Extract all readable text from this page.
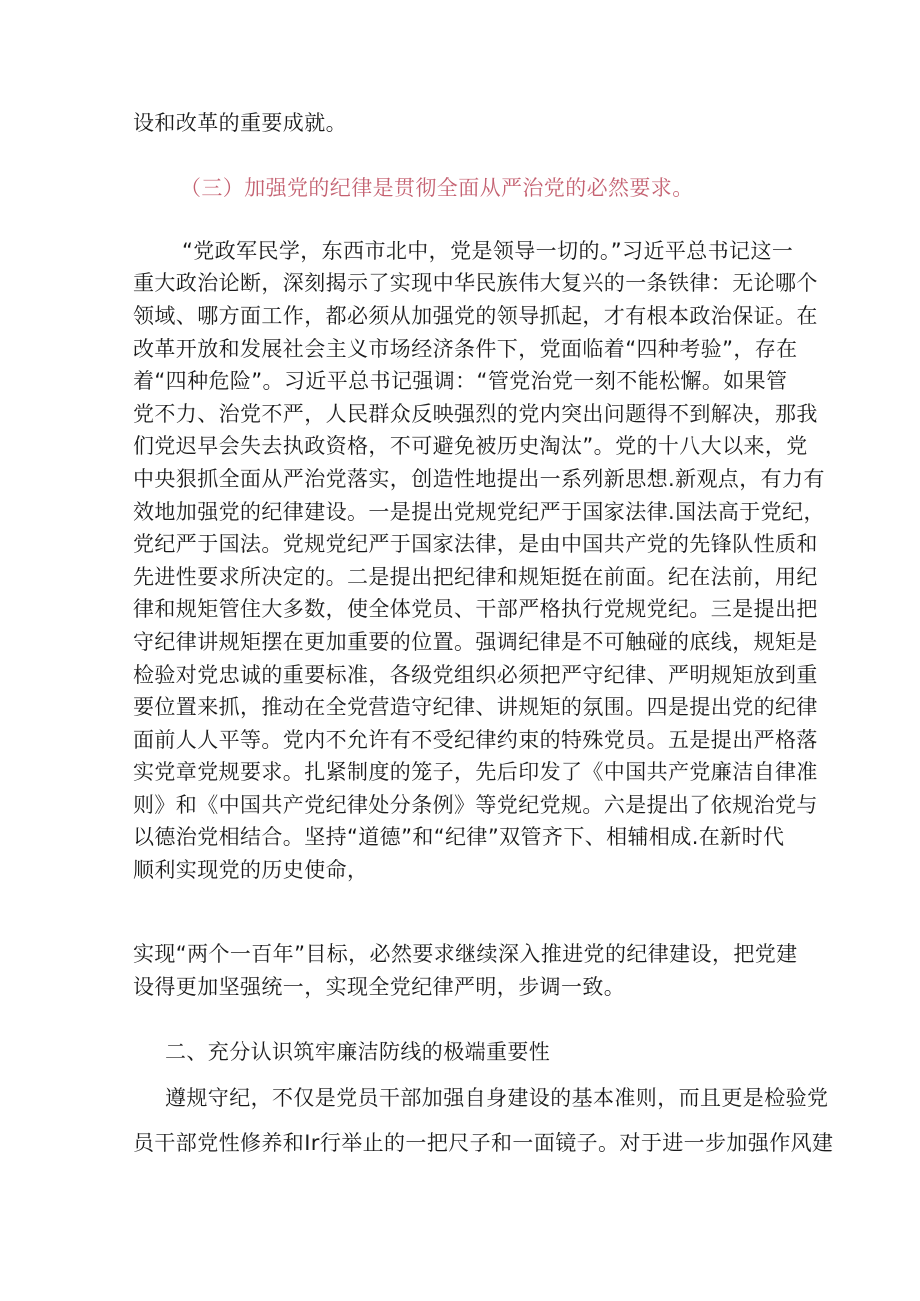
设和改革的重要成就。
（三）加强党的纪律是贯彻全面从严治党的必然要求。
“党政军民学，东西市北中，党是领导一切的。”习近平总书记这一
重大政治论断，深刻揭示了实现中华民族伟大复兴的一条铁律：无论哪个
领域、哪方面工作，都必须从加强党的领导抓起，才有根本政治保证。在
改革开放和发展社会主义市场经济条件下，党面临着“四种考验”，存在
着“四种危险”。习近平总书记强调：“管党治党一刻不能松懈。如果管
党不力、治党不严，人民群众反映强烈的党内突出问题得不到解决，那我
们党迟早会失去执政资格，不可避免被历史淘汰”。党的十八大以来，党
中央狠抓全面从严治党落实，创造性地提出一系列新思想.新观点，有力有
效地加强党的纪律建设。一是提出党规党纪严于国家法律.国法高于党纪，
党纪严于国法。党规党纪严于国家法律，是由中国共产党的先锋队性质和
先进性要求所决定的。二是提出把纪律和规矩挺在前面。纪在法前，用纪
律和规矩管住大多数，使全体党员、干部严格执行党规党纪。三是提出把
守纪律讲规矩摆在更加重要的位置。强调纪律是不可触碰的底线，规矩是
检验对党忠诚的重要标准，各级党组织必须把严守纪律、严明规矩放到重
要位置来抓，推动在全党营造守纪律、讲规矩的氛围。四是提出党的纪律
面前人人平等。党内不允许有不受纪律约束的特殊党员。五是提出严格落
实党章党规要求。扎紧制度的笼子，先后印发了《中国共产党廉洁自律准
则》和《中国共产党纪律处分条例》等党纪党规。六是提出了依规治党与
以德治党相结合。坚持“道德”和“纪律”双管齐下、相辅相成.在新时代
顺利实现党的历史使命，
实现“两个一百年”目标，必然要求继续深入推进党的纪律建设，把党建
设得更加坚强统一，实现全党纪律严明，步调一致。
二、充分认识筑牢廉洁防线的极端重要性
遵规守纪，不仅是党员干部加强自身建设的基本准则，而且更是检验党
员干部党性修养和Ir行举止的一把尺子和一面镜子。对于进一步加强作风建
